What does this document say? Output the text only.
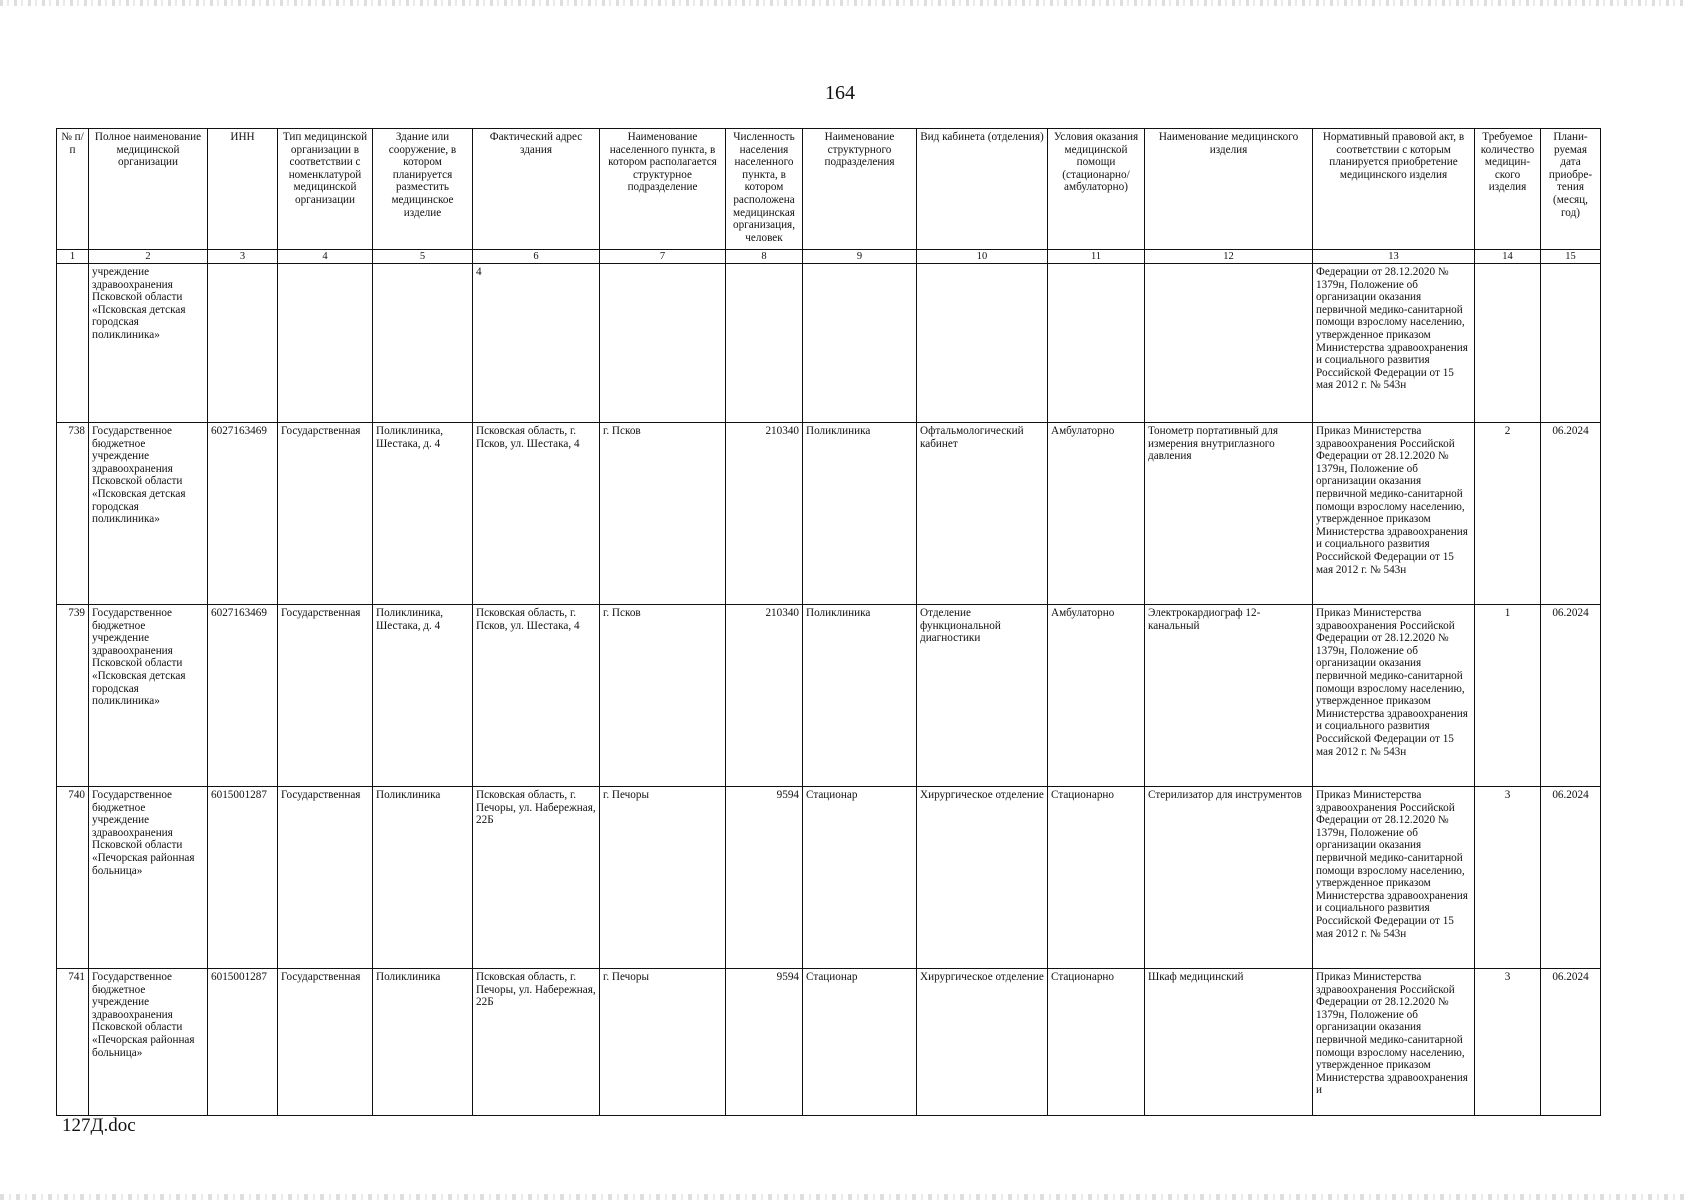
164
№ п/п	Полное наименование медицинской организации	ИНН	Тип медицинской организации в соответствии с номенклатурой медицинской организации	Здание или сооружение, в котором планируется разместить медицинское изделие	Фактический адрес здания	Наименование населенного пункта, в котором располагается структурное подразделение	Численность населения населенного пункта, в котором расположена медицинская организация, человек	Наименование структурного подразделения	Вид кабинета (отделения)	Условия оказания медицинской помощи (стационарно/ амбулаторно)	Наименование медицинского изделия	Нормативный правовой акт, в соответствии с которым планируется приобретение медицинского изделия	Требуемое количество медицин-ского изделия	Плани-руемая дата приобре-тения (месяц, год)
1	2	3	4	5	6	7	8	9	10	11	12	13	14	15
	учреждение здравоохранения Псковской области «Псковская детская городская поликлиника»				4							Федерации от 28.12.2020 № 1379н, Положение об организации оказания первичной медико-санитарной помощи взрослому населению, утвержденное приказом Министерства здравоохранения и социального развития Российской Федерации от 15 мая 2012 г. № 543н		
738	Государственное бюджетное учреждение здравоохранения Псковской области «Псковская детская городская поликлиника»	6027163469	Государственная	Поликлиника, Шестака, д. 4	Псковская область, г. Псков, ул. Шестака, 4	г. Псков	210340	Поликлиника	Офтальмологический кабинет	Амбулаторно	Тонометр портативный для измерения внутриглазного давления	Приказ Министерства здравоохранения Российской Федерации от 28.12.2020 № 1379н, Положение об организации оказания первичной медико-санитарной помощи взрослому населению, утвержденное приказом Министерства здравоохранения и социального развития Российской Федерации от 15 мая 2012 г. № 543н	2	06.2024
739	Государственное бюджетное учреждение здравоохранения Псковской области «Псковская детская городская поликлиника»	6027163469	Государственная	Поликлиника, Шестака, д. 4	Псковская область, г. Псков, ул. Шестака, 4	г. Псков	210340	Поликлиника	Отделение функциональной диагностики	Амбулаторно	Электрокардиограф 12-канальный	Приказ Министерства здравоохранения Российской Федерации от 28.12.2020 № 1379н, Положение об организации оказания первичной медико-санитарной помощи взрослому населению, утвержденное приказом Министерства здравоохранения и социального развития Российской Федерации от 15 мая 2012 г. № 543н	1	06.2024
740	Государственное бюджетное учреждение здравоохранения Псковской области «Печорская районная больница»	6015001287	Государственная	Поликлиника	Псковская область, г. Печоры, ул. Набережная, 22Б	г. Печоры	9594	Стационар	Хирургическое отделение	Стационарно	Стерилизатор для инструментов	Приказ Министерства здравоохранения Российской Федерации от 28.12.2020 № 1379н, Положение об организации оказания первичной медико-санитарной помощи взрослому населению, утвержденное приказом Министерства здравоохранения и социального развития Российской Федерации от 15 мая 2012 г. № 543н	3	06.2024
741	Государственное бюджетное учреждение здравоохранения Псковской области «Печорская районная больница»	6015001287	Государственная	Поликлиника	Псковская область, г. Печоры, ул. Набережная, 22Б	г. Печоры	9594	Стационар	Хирургическое отделение	Стационарно	Шкаф медицинский	Приказ Министерства здравоохранения Российской Федерации от 28.12.2020 № 1379н, Положение об организации оказания первичной медико-санитарной помощи взрослому населению, утвержденное приказом Министерства здравоохранения и	3	06.2024
127Д.doc
